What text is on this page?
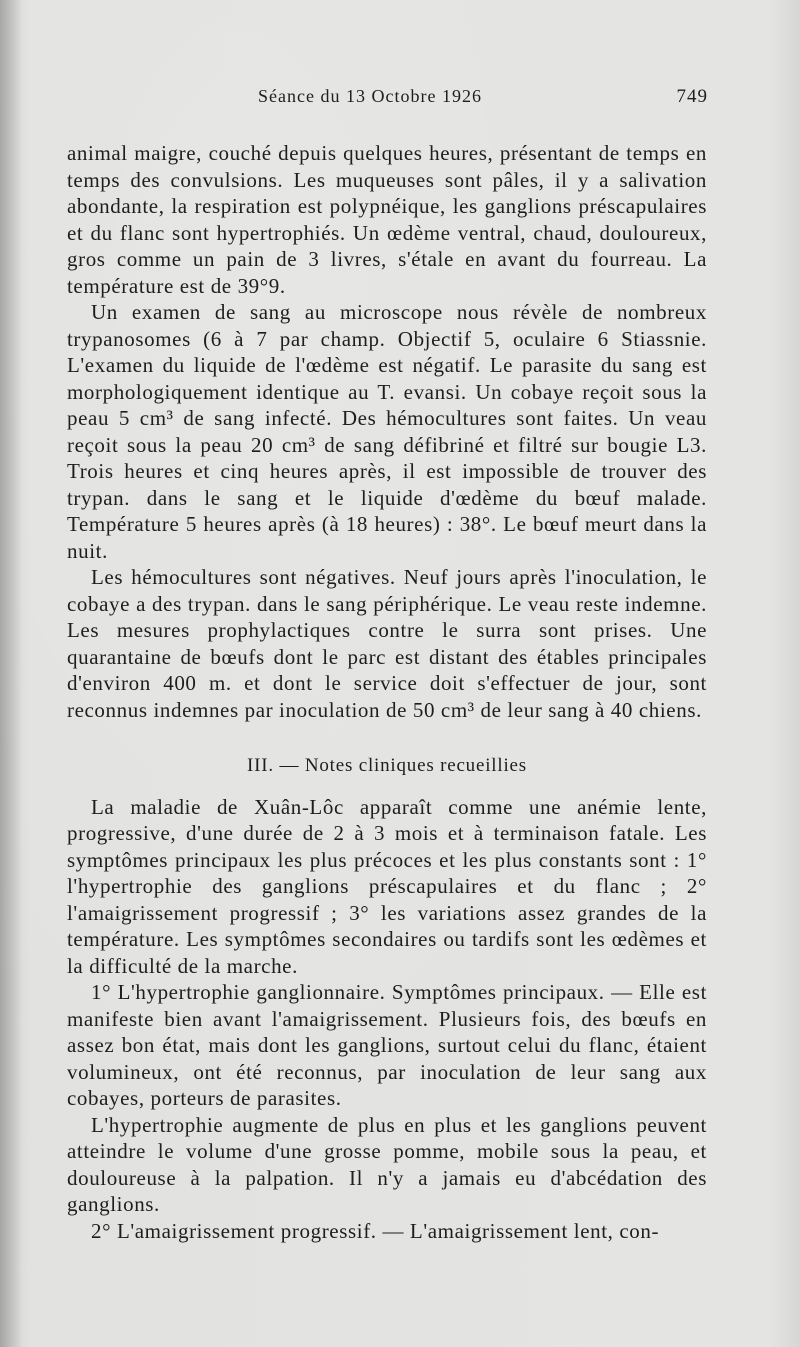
Séance du 13 Octobre 1926	749

animal maigre, couché depuis quelques heures, présentant de temps en temps des convulsions. Les muqueuses sont pâles, il y a salivation abondante, la respiration est polypnéique, les ganglions préscapulaires et du flanc sont hypertrophiés. Un œdème ventral, chaud, douloureux, gros comme un pain de 3 livres, s'étale en avant du fourreau. La température est de 39°9.

Un examen de sang au microscope nous révèle de nombreux trypanosomes (6 à 7 par champ. Objectif 5, oculaire 6 Stiassnie. L'examen du liquide de l'œdème est négatif. Le parasite du sang est morphologiquement identique au T. evansi. Un cobaye reçoit sous la peau 5 cm³ de sang infecté. Des hémocultures sont faites. Un veau reçoit sous la peau 20 cm³ de sang défibriné et filtré sur bougie L3. Trois heures et cinq heures après, il est impossible de trouver des trypan. dans le sang et le liquide d'œdème du bœuf malade. Température 5 heures après (à 18 heures) : 38°. Le bœuf meurt dans la nuit.

Les hémocultures sont négatives. Neuf jours après l'inoculation, le cobaye a des trypan. dans le sang périphérique. Le veau reste indemne. Les mesures prophylactiques contre le surra sont prises. Une quarantaine de bœufs dont le parc est distant des étables principales d'environ 400 m. et dont le service doit s'effectuer de jour, sont reconnus indemnes par inoculation de 50 cm³ de leur sang à 40 chiens.

III. — Notes cliniques recueillies

La maladie de Xuân-Lôc apparaît comme une anémie lente, progressive, d'une durée de 2 à 3 mois et à terminaison fatale. Les symptômes principaux les plus précoces et les plus constants sont : 1° l'hypertrophie des ganglions préscapulaires et du flanc ; 2° l'amaigrissement progressif ; 3° les variations assez grandes de la température. Les symptômes secondaires ou tardifs sont les œdèmes et la difficulté de la marche.

1° L'hypertrophie ganglionnaire. Symptômes principaux. — Elle est manifeste bien avant l'amaigrissement. Plusieurs fois, des bœufs en assez bon état, mais dont les ganglions, surtout celui du flanc, étaient volumineux, ont été reconnus, par inoculation de leur sang aux cobayes, porteurs de parasites.

L'hypertrophie augmente de plus en plus et les ganglions peuvent atteindre le volume d'une grosse pomme, mobile sous la peau, et douloureuse à la palpation. Il n'y a jamais eu d'abcédation des ganglions.

2° L'amaigrissement progressif. — L'amaigrissement lent, con-
